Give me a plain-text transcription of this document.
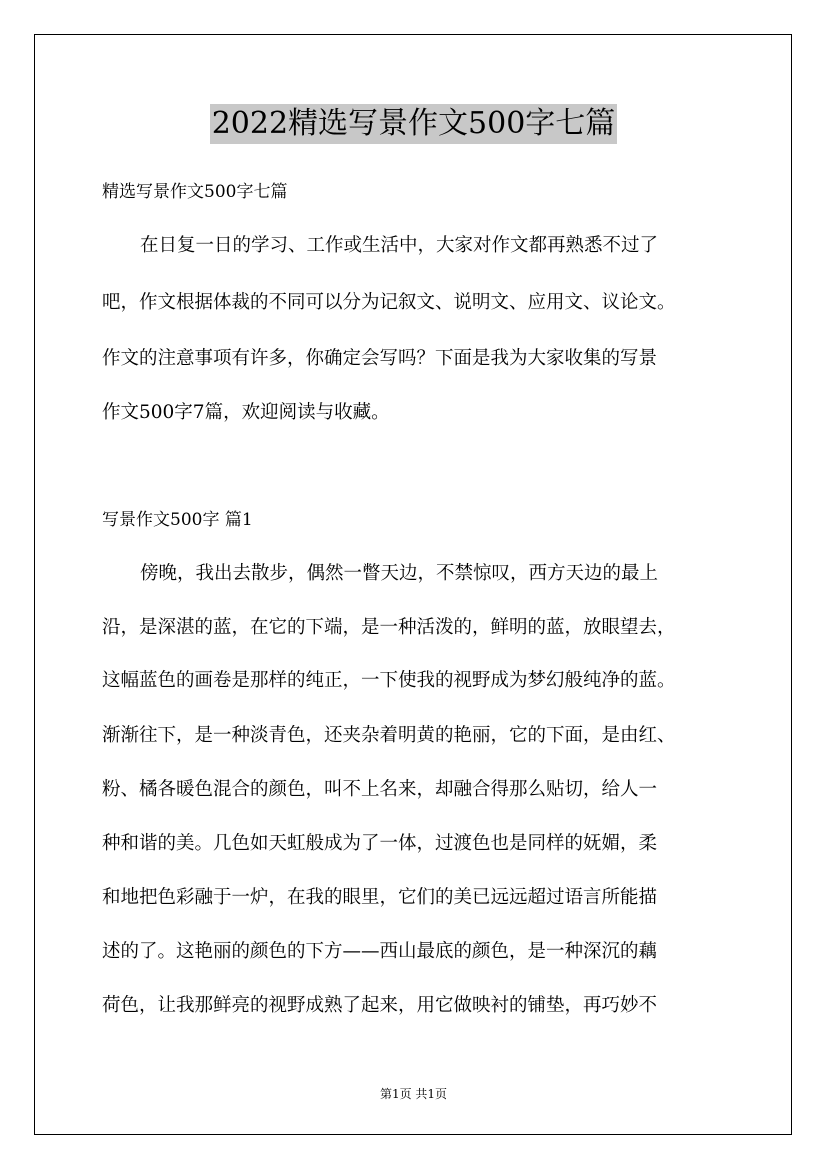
2022精选写景作文500字七篇
精选写景作文500字七篇
在日复一日的学习、工作或生活中，大家对作文都再熟悉不过了
吧，作文根据体裁的不同可以分为记叙文、说明文、应用文、议论文。
作文的注意事项有许多，你确定会写吗？下面是我为大家收集的写景
作文500字7篇，欢迎阅读与收藏。
写景作文500字 篇1
傍晚，我出去散步，偶然一瞥天边，不禁惊叹，西方天边的最上
沿，是深湛的蓝，在它的下端，是一种活泼的，鲜明的蓝，放眼望去，
这幅蓝色的画卷是那样的纯正，一下使我的视野成为梦幻般纯净的蓝。
渐渐往下，是一种淡青色，还夹杂着明黄的艳丽，它的下面，是由红、
粉、橘各暖色混合的颜色，叫不上名来，却融合得那么贴切，给人一
种和谐的美。几色如天虹般成为了一体，过渡色也是同样的妩媚，柔
和地把色彩融于一炉，在我的眼里，它们的美已远远超过语言所能描
述的了。这艳丽的颜色的下方——西山最底的颜色，是一种深沉的藕
荷色，让我那鲜亮的视野成熟了起来，用它做映衬的铺垫，再巧妙不
第1页 共1页
